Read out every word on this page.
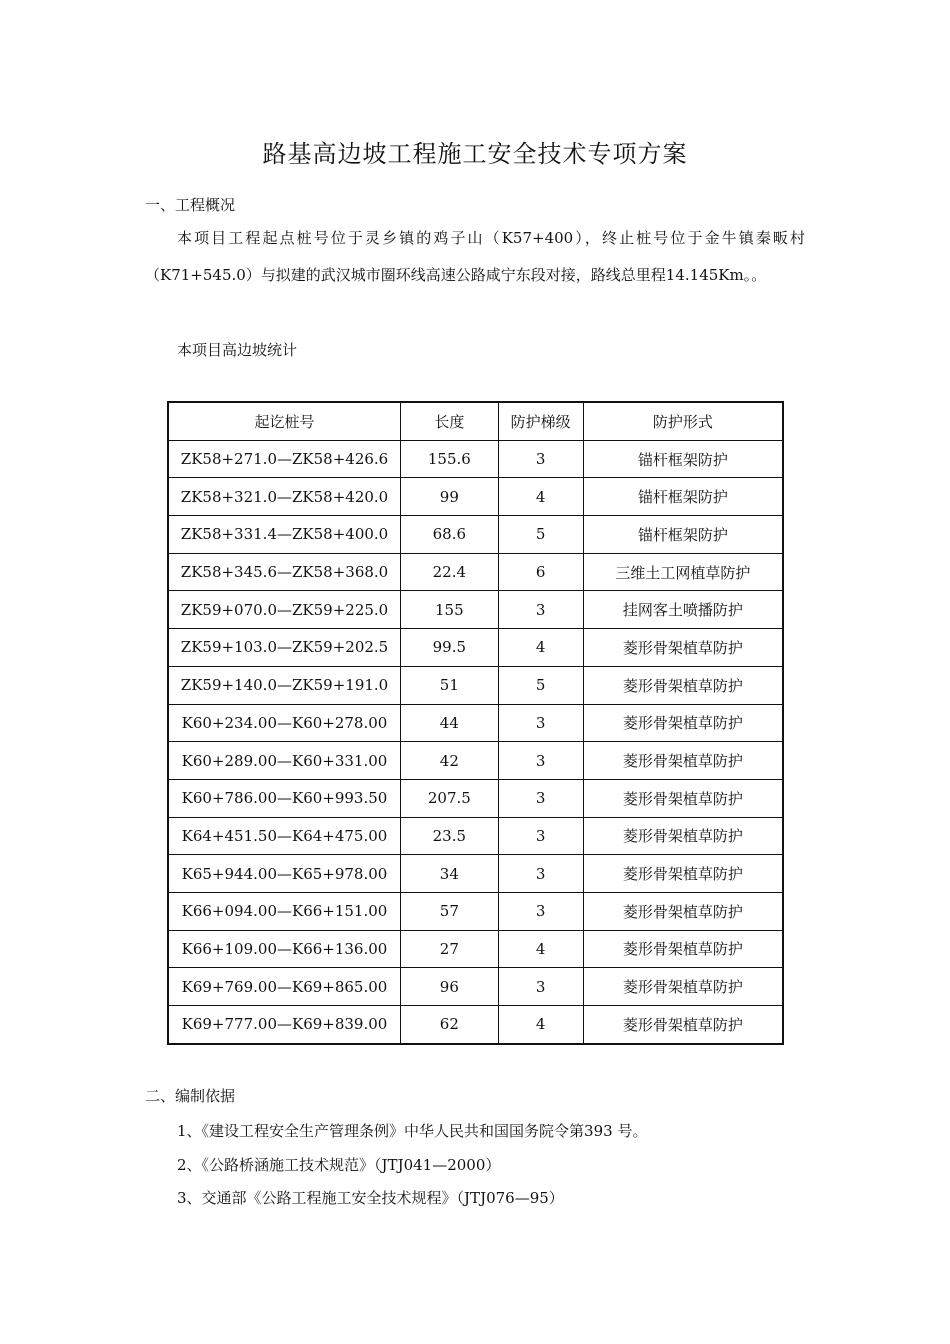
路基高边坡工程施工安全技术专项方案
一、工程概况
本项目工程起点桩号位于灵乡镇的鸡子山（K57+400），终止桩号位于金牛镇秦畈村（K71+545.0）与拟建的武汉城市圈环线高速公路咸宁东段对接，路线总里程14.145Km。。
本项目高边坡统计
起讫桩号	长度	防护梯级	防护形式
ZK58+271.0—ZK58+426.6	155.6	3	锚杆框架防护
ZK58+321.0—ZK58+420.0	99	4	锚杆框架防护
ZK58+331.4—ZK58+400.0	68.6	5	锚杆框架防护
ZK58+345.6—ZK58+368.0	22.4	6	三维土工网植草防护
ZK59+070.0—ZK59+225.0	155	3	挂网客土喷播防护
ZK59+103.0—ZK59+202.5	99.5	4	菱形骨架植草防护
ZK59+140.0—ZK59+191.0	51	5	菱形骨架植草防护
K60+234.00—K60+278.00	44	3	菱形骨架植草防护
K60+289.00—K60+331.00	42	3	菱形骨架植草防护
K60+786.00—K60+993.50	207.5	3	菱形骨架植草防护
K64+451.50—K64+475.00	23.5	3	菱形骨架植草防护
K65+944.00—K65+978.00	34	3	菱形骨架植草防护
K66+094.00—K66+151.00	57	3	菱形骨架植草防护
K66+109.00—K66+136.00	27	4	菱形骨架植草防护
K69+769.00—K69+865.00	96	3	菱形骨架植草防护
K69+777.00—K69+839.00	62	4	菱形骨架植草防护
二、编制依据
1、《建设工程安全生产管理条例》中华人民共和国国务院令第393 号。
2、《公路桥涵施工技术规范》（JTJ041—2000）
3、交通部《公路工程施工安全技术规程》（JTJ076—95）
